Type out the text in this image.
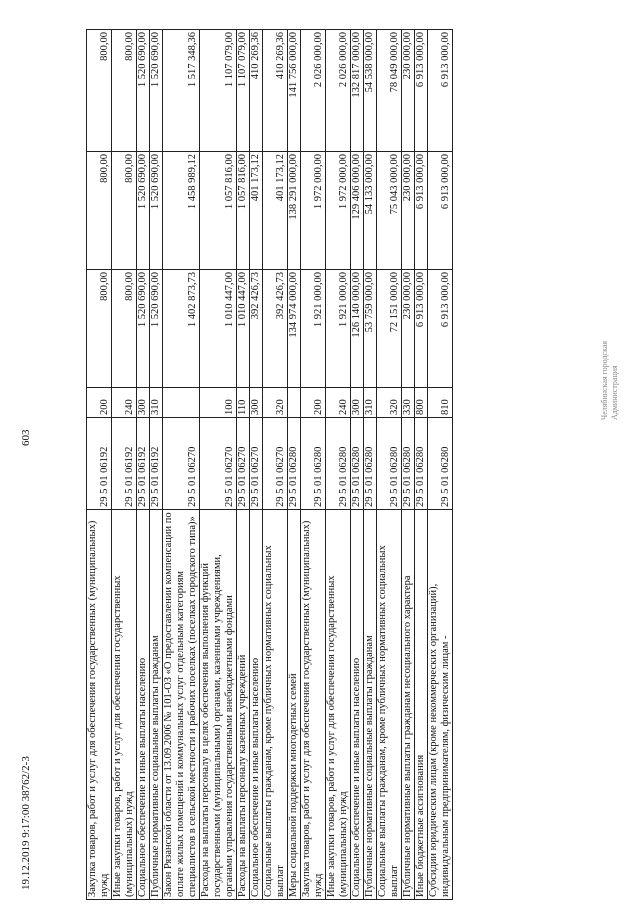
603
Челябинская городская Администрация
19.12.2019 9:17:00 38762/2-3	Закупка товаров, работ и услуг для обеспечения государственных (муниципальных) нужд	29 5 01 06192	200	800,00	800,00	800,00
Иные закупки товаров, работ и услуг для обеспечения государственных (муниципальных) нужд	29 5 01 06192	240	800,00	800,00	800,00
Социальное обеспечение и иные выплаты населению	29 5 01 06192	300	1 520 690,00	1 520 690,00	1 520 690,00
Публичные нормативные социальные выплаты гражданам	29 5 01 06192	310	1 520 690,00	1 520 690,00	1 520 690,00
Закон Рязанской области от 13.09.2006 № 101-ОЗ «О предоставлении компенсации по оплате жилых помещений и коммунальных услуг отдельным категориям специалистов в сельской местности и рабочих поселках (поселках городского типа)»	29 5 01 06270		1 402 873,73	1 458 989,12	1 517 348,36
Расходы на выплаты персоналу в целях обеспечения выполнения функций государственными (муниципальными) органами, казенными учреждениями, органами управления государственными внебюджетными фондами	29 5 01 06270	100	1 010 447,00	1 057 816,00	1 107 079,00
Расходы на выплаты персоналу казенных учреждений	29 5 01 06270	110	1 010 447,00	1 057 816,00	1 107 079,00
Социальное обеспечение и иные выплаты населению	29 5 01 06270	300	392 426,73	401 173,12	410 269,36
Социальные выплаты гражданам, кроме публичных нормативных социальных выплат	29 5 01 06270	320	392 426,73	401 173,12	410 269,36
Меры социальной поддержки многодетных семей	29 5 01 06280		134 974 000,00	138 291 000,00	141 756 000,00
Закупка товаров, работ и услуг для обеспечения государственных (муниципальных) нужд	29 5 01 06280	200	1 921 000,00	1 972 000,00	2 026 000,00
Иные закупки товаров, работ и услуг для обеспечения государственных (муниципальных) нужд	29 5 01 06280	240	1 921 000,00	1 972 000,00	2 026 000,00
Социальное обеспечение и иные выплаты населению	29 5 01 06280	300	126 140 000,00	129 406 000,00	132 817 000,00
Публичные нормативные социальные выплаты гражданам	29 5 01 06280	310	53 759 000,00	54 133 000,00	54 538 000,00
Социальные выплаты гражданам, кроме публичных нормативных социальных выплат	29 5 01 06280	320	72 151 000,00	75 043 000,00	78 049 000,00
Публичные нормативные выплаты гражданам несоциального характера	29 5 01 06280	330	230 000,00	230 000,00	230 000,00
Иные бюджетные ассигнования	29 5 01 06280	800	6 913 000,00	6 913 000,00	6 913 000,00
Субсидии юридическим лицам (кроме некоммерческих организаций), индивидуальным предпринимателям, физическим лицам -	29 5 01 06280	810	6 913 000,00	6 913 000,00	6 913 000,00
